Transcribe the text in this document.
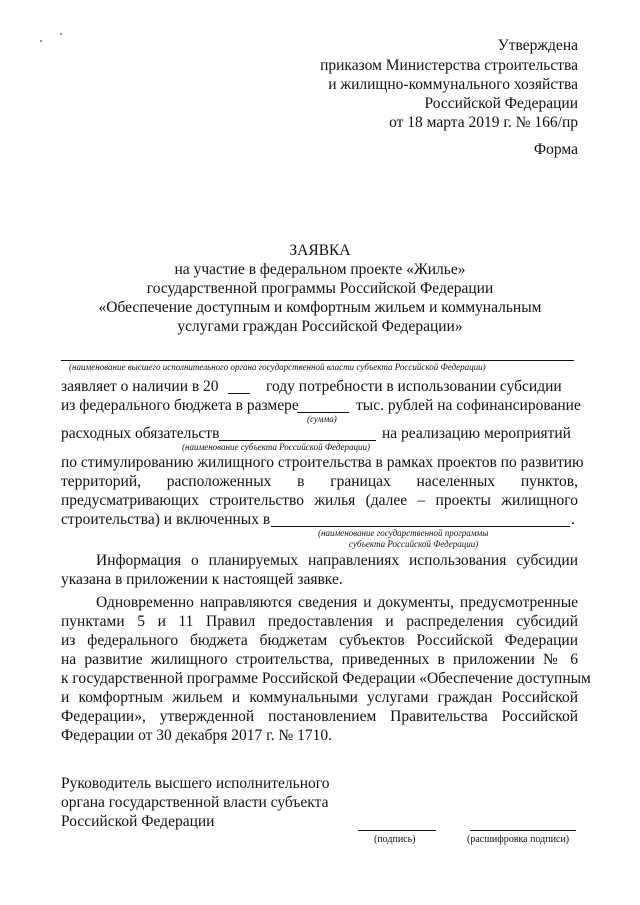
Утверждена
приказом Министерства строительства
и жилищно-коммунального хозяйства
Российской Федерации
от 18 марта 2019 г. № 166/пр
Форма
ЗАЯВКА
на участие в федеральном проекте «Жилье»
государственной программы Российской Федерации
«Обеспечение доступным и комфортным жильем и коммунальным
услугами граждан Российской Федерации»
(наименование высшего исполнительного органа государственной власти субъекта Российской Федерации)
заявляет о наличии в 20	году потребности в использовании субсидии
из федерального бюджета в размере	тыс. рублей на софинансирование
(сумма)
расходных обязательств	на реализацию мероприятий
(наименование субъекта Российской Федерации)
по стимулированию жилищного строительства в рамках проектов по развитию
территорий, расположенных в границах населенных пунктов,
предусматривающих строительство жилья (далее – проекты жилищного
строительства) и включенных в	.
(наименование государственной программы
субъекта Российской Федерации)
Информация о планируемых направлениях использования субсидии
указана в приложении к настоящей заявке.
Одновременно направляются сведения и документы, предусмотренные
пунктами 5 и 11 Правил предоставления и распределения субсидий
из федерального бюджета бюджетам субъектов Российской Федерации
на развитие жилищного строительства, приведенных в приложении № 6
к государственной программе Российской Федерации «Обеспечение доступным
и комфортным жильем и коммунальными услугами граждан Российской
Федерации», утвержденной постановлением Правительства Российской
Федерации от 30 декабря 2017 г. № 1710.
Руководитель высшего исполнительного
органа государственной власти субъекта
Российской Федерации
(подпись)	(расшифровка подписи)
